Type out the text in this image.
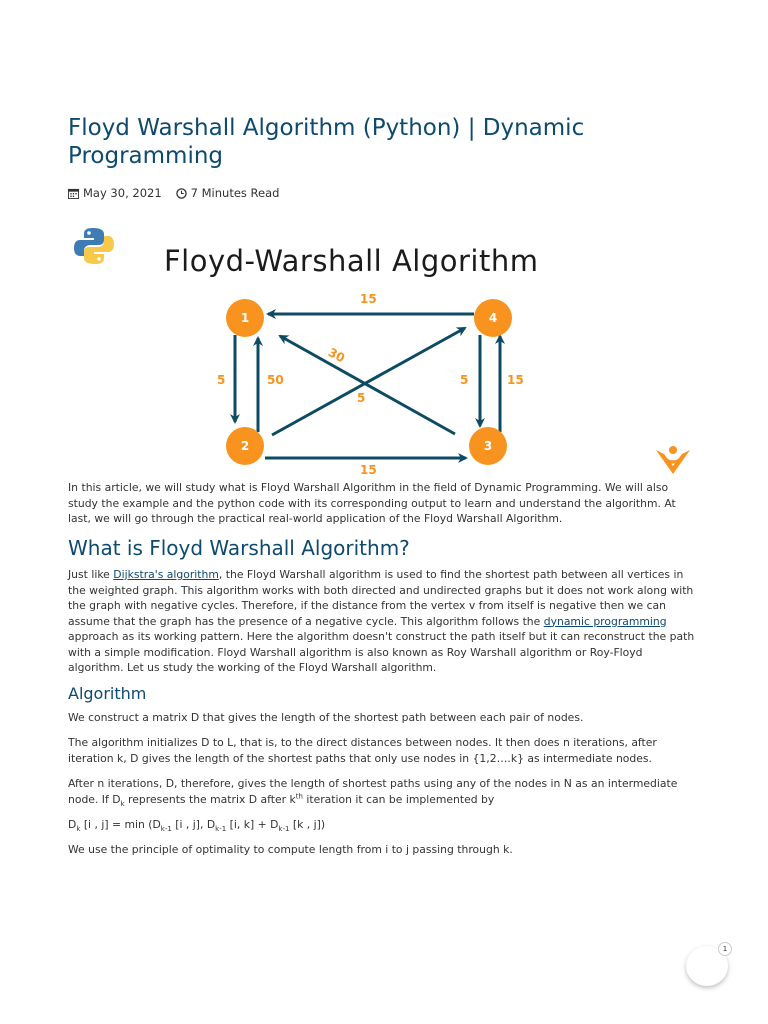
Floyd Warshall Algorithm (Python) | Dynamic Programming
May 30, 2021	7 Minutes Read
Floyd-Warshall Algorithm
15
5	50
30
5
5	15
15
1
2	3
4

In this article, we will study what is Floyd Warshall Algorithm in the field of Dynamic Programming. We will also study the example and the python code with its corresponding output to learn and understand the algorithm. At last, we will go through the practical real-world application of the Floyd Warshall Algorithm.

What is Floyd Warshall Algorithm?

Just like Dijkstra's algorithm, the Floyd Warshall algorithm is used to find the shortest path between all vertices in the weighted graph. This algorithm works with both directed and undirected graphs but it does not work along with the graph with negative cycles. Therefore, if the distance from the vertex v from itself is negative then we can assume that the graph has the presence of a negative cycle. This algorithm follows the dynamic programming approach as its working pattern. Here the algorithm doesn't construct the path itself but it can reconstruct the path with a simple modification. Floyd Warshall algorithm is also known as Roy Warshall algorithm or Roy-Floyd algorithm. Let us study the working of the Floyd Warshall algorithm.

Algorithm

We construct a matrix D that gives the length of the shortest path between each pair of nodes.

The algorithm initializes D to L, that is, to the direct distances between nodes. It then does n iterations, after iteration k, D gives the length of the shortest paths that only use nodes in {1,2….k} as intermediate nodes.

After n iterations, D, therefore, gives the length of shortest paths using any of the nodes in N as an intermediate node. If $D_k$ represents the matrix D after $k^{th}$ iteration it can be implemented by

$D_k$ [i , $j] = \min (D_{k-1}$ [i , j], $D_{k-1}$ [i, $k] + D_{k-1}$ [k , j])

We use the principle of optimality to compute length from i to j passing through k.

1
